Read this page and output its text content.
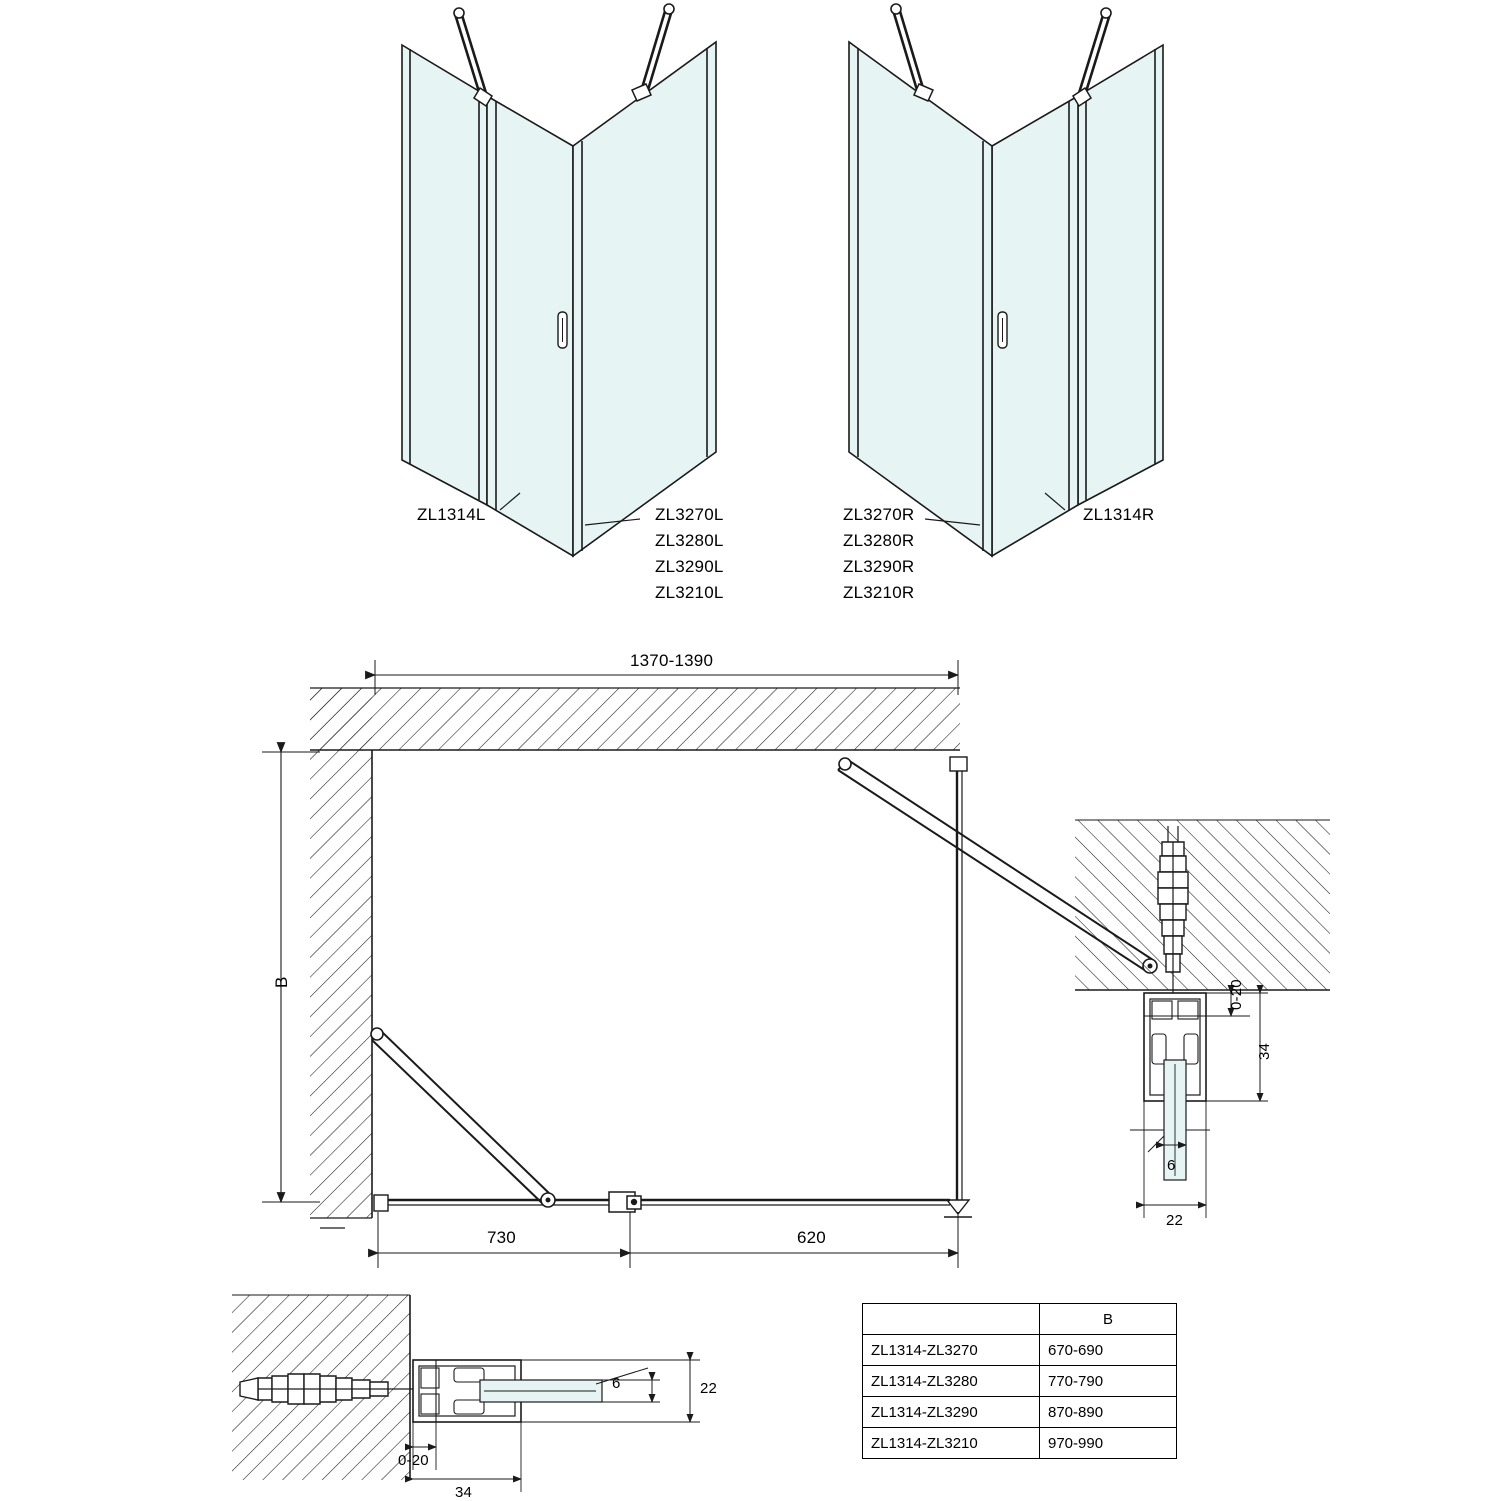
ZL1314L	ZL3270L
ZL3280L
ZL3290L
ZL3210L
ZL3270R
ZL3280R
ZL3290R
ZL3210R
ZL1314R
1370-1390
B
730	620
0-20
34
6
22
6	22
0-20
34
	B
ZL1314-ZL3270	670-690
ZL1314-ZL3280	770-790
ZL1314-ZL3290	870-890
ZL1314-ZL3210	970-990
